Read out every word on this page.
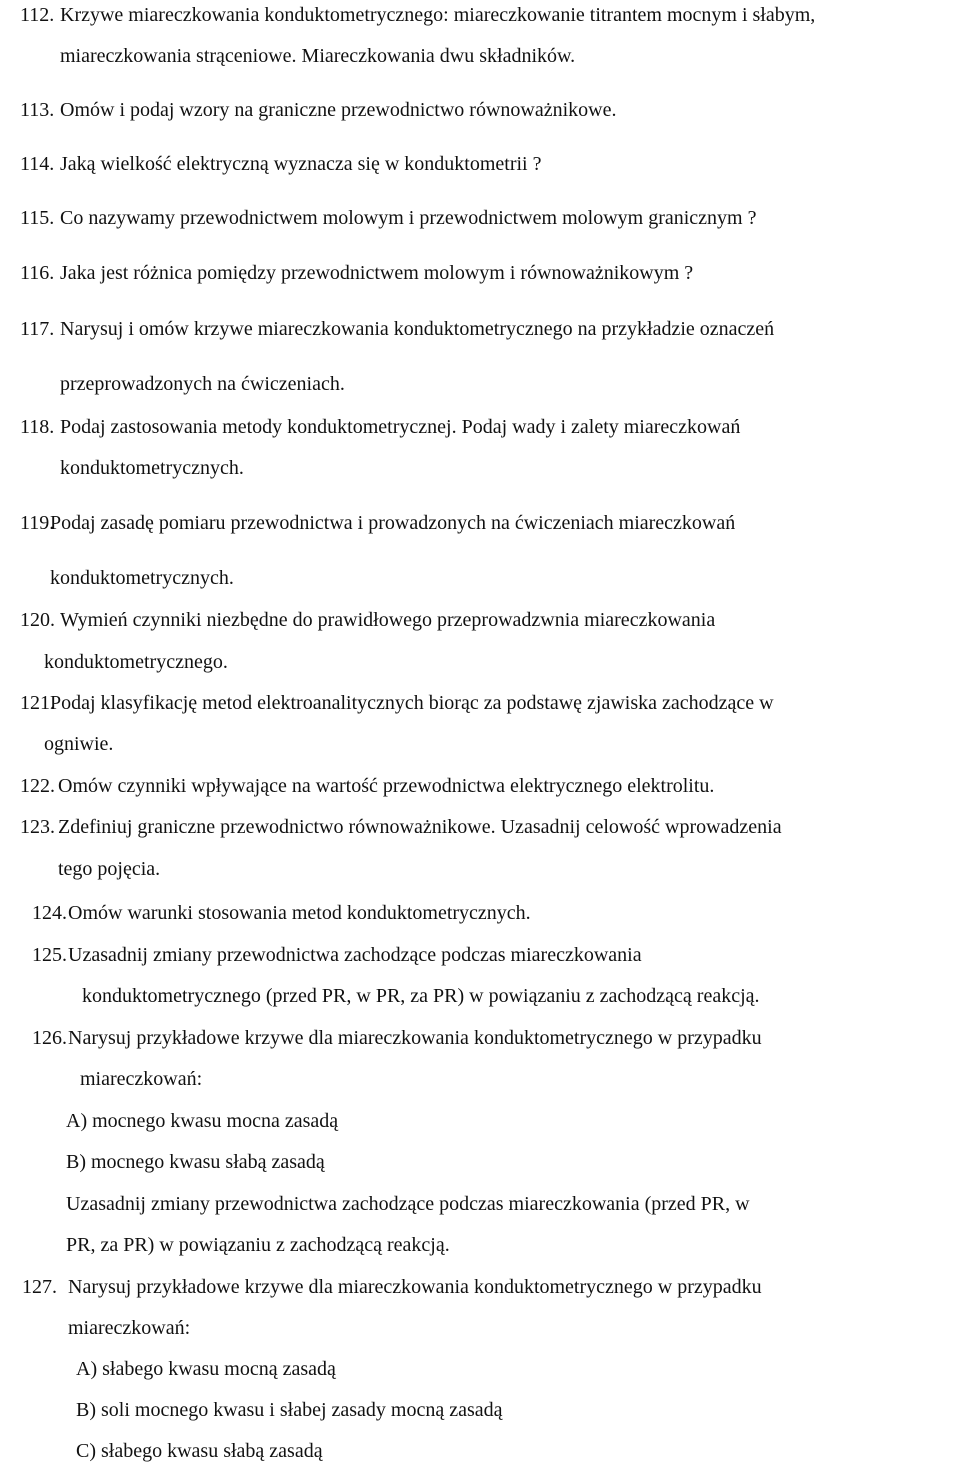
112. Krzywe miareczkowania konduktometrycznego: miareczkowanie titrantem mocnym i słabym,
miareczkowania strąceniowe. Miareczkowania dwu składników.
113. Omów i podaj wzory na graniczne przewodnictwo równoważnikowe.
114. Jaką wielkość elektryczną wyznacza się w konduktometrii ?
115. Co nazywamy przewodnictwem molowym i przewodnictwem molowym granicznym ?
116. Jaka jest różnica pomiędzy przewodnictwem molowym i równoważnikowym ?
117. Narysuj i omów krzywe miareczkowania konduktometrycznego na przykładzie oznaczeń
przeprowadzonych na ćwiczeniach.
118. Podaj zastosowania metody konduktometrycznej. Podaj wady i zalety miareczkowań
konduktometrycznych.
119.
Podaj zasadę pomiaru przewodnictwa i prowadzonych na ćwiczeniach miareczkowań
konduktometrycznych.
120. Wymień czynniki niezbędne do prawidłowego przeprowadzwnia miareczkowania
konduktometrycznego.
121.
Podaj klasyfikację metod elektroanalitycznych biorąc za podstawę zjawiska zachodzące w
ogniwie.
122. Omów czynniki wpływające na wartość przewodnictwa elektrycznego elektrolitu.
123. Zdefiniuj graniczne przewodnictwo równoważnikowe. Uzasadnij celowość wprowadzenia
tego pojęcia.
124. Omów warunki stosowania metod konduktometrycznych.
125. Uzasadnij zmiany przewodnictwa zachodzące podczas miareczkowania
konduktometrycznego (przed PR, w PR, za PR) w powiązaniu z zachodzącą reakcją.
126. Narysuj przykładowe krzywe dla miareczkowania konduktometrycznego w przypadku
miareczkowań:
A) mocnego kwasu mocna zasadą
B) mocnego kwasu słabą zasadą
Uzasadnij zmiany przewodnictwa zachodzące podczas miareczkowania (przed PR, w
PR, za PR) w powiązaniu z zachodzącą reakcją.
127. Narysuj przykładowe krzywe dla miareczkowania konduktometrycznego w przypadku
miareczkowań:
A) słabego kwasu mocną zasadą
B) soli mocnego kwasu i słabej zasady mocną zasadą
C) słabego kwasu słabą zasadą
